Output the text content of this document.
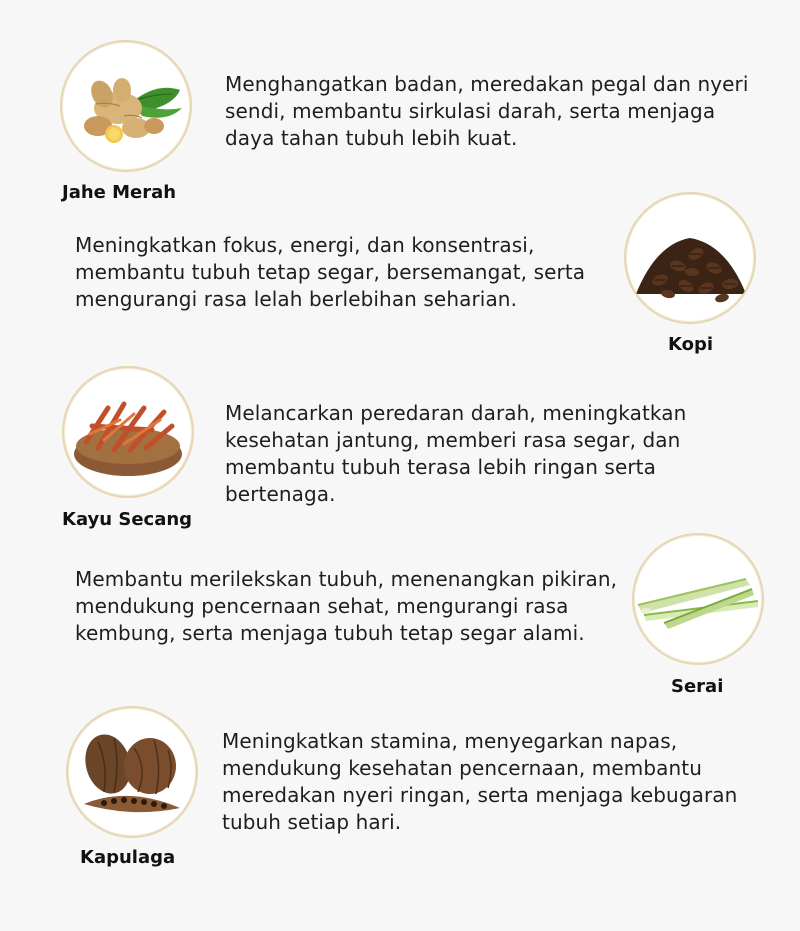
Jahe Merah

Menghangatkan badan, meredakan pegal dan nyeri sendi, membantu sirkulasi darah, serta menjaga daya tahan tubuh lebih kuat.

Kopi

Meningkatkan fokus, energi, dan konsentrasi, membantu tubuh tetap segar, bersemangat, serta mengurangi rasa lelah berlebihan seharian.

Kayu Secang

Melancarkan peredaran darah, meningkatkan kesehatan jantung, memberi rasa segar, dan membantu tubuh terasa lebih ringan serta bertenaga.

Serai

Membantu merilekskan tubuh, menenangkan pikiran, mendukung pencernaan sehat, mengurangi rasa kembung, serta menjaga tubuh tetap segar alami.

Kapulaga

Meningkatkan stamina, menyegarkan napas, mendukung kesehatan pencernaan, membantu meredakan nyeri ringan, serta menjaga kebugaran tubuh setiap hari.
